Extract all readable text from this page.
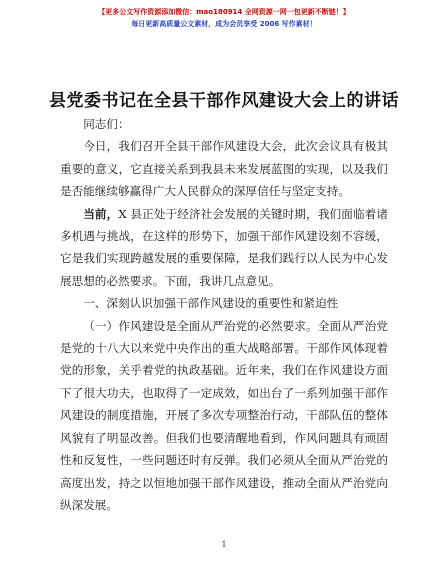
【更多公文写作资源添加微信：mao180914 全网资源一网一包更新不断链！】
每日更新高质量公文素材，成为会员享受 2006 写作素材！
县党委书记在全县干部作风建设大会上的讲话

同志们：

今日，我们召开全县干部作风建设大会，此次会议具有极其重要的意义，它直接关系到我县未来发展蓝图的实现，以及我们是否能继续够赢得广大人民群众的深厚信任与坚定支持。

当前，X 县正处于经济社会发展的关键时期，我们面临着诸多机遇与挑战，在这样的形势下，加强干部作风建设刻不容缓，它是我们实现跨越发展的重要保障，是我们践行以人民为中心发展思想的必然要求。下面，我讲几点意见。

一、深刻认识加强干部作风建设的重要性和紧迫性

（一）作风建设是全面从严治党的必然要求。全面从严治党是党的十八大以来党中央作出的重大战略部署。干部作风体现着党的形象，关乎着党的执政基础。近年来，我们在作风建设方面下了很大功夫，也取得了一定成效，如出台了一系列加强干部作风建设的制度措施，开展了多次专项整治行动，干部队伍的整体风貌有了明显改善。但我们也要清醒地看到，作风问题具有顽固性和反复性，一些问题还时有反弹。我们必须从全面从严治党的高度出发，持之以恒地加强干部作风建设，推动全面从严治党向纵深发展。

1
